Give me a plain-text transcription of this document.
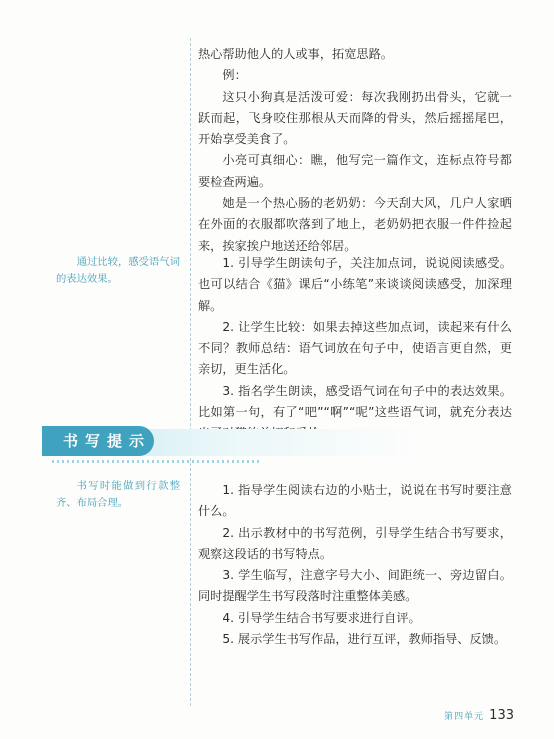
热心帮助他人的人或事，拓宽思路。

例：

这只小狗真是活泼可爱：每次我刚扔出骨头，它就一跃而起，飞身咬住那根从天而降的骨头，然后摇摇尾巴，开始享受美食了。

小亮可真细心：瞧，他写完一篇作文，连标点符号都要检查两遍。

她是一个热心肠的老奶奶：今天刮大风，几户人家晒在外面的衣服都吹落到了地上，老奶奶把衣服一件件捡起来，挨家挨户地送还给邻居。

通过比较，感受语气词的表达效果。

1. 引导学生朗读句子，关注加点词，说说阅读感受。也可以结合《猫》课后“小练笔”来谈谈阅读感受，加深理解。

2. 让学生比较：如果去掉这些加点词，读起来有什么不同？教师总结：语气词放在句子中，使语言更自然，更亲切，更生活化。

3. 指名学生朗读，感受语气词在句子中的表达效果。比如第一句，有了“吧”“啊”“呢”这些语气词，就充分表达

书写提示

书写时能做到行款整齐、布局合理。

1. 指导学生阅读右边的小贴士，说说在书写时要注意什么。

2. 出示教材中的书写范例，引导学生结合书写要求，观察这段话的书写特点。

3. 学生临写，注意字号大小、间距统一、旁边留白。同时提醒学生书写段落时注重整体美感。

4. 引导学生结合书写要求进行自评。

5. 展示学生书写作品，进行互评，教师指导、反馈。

第四单元 133
